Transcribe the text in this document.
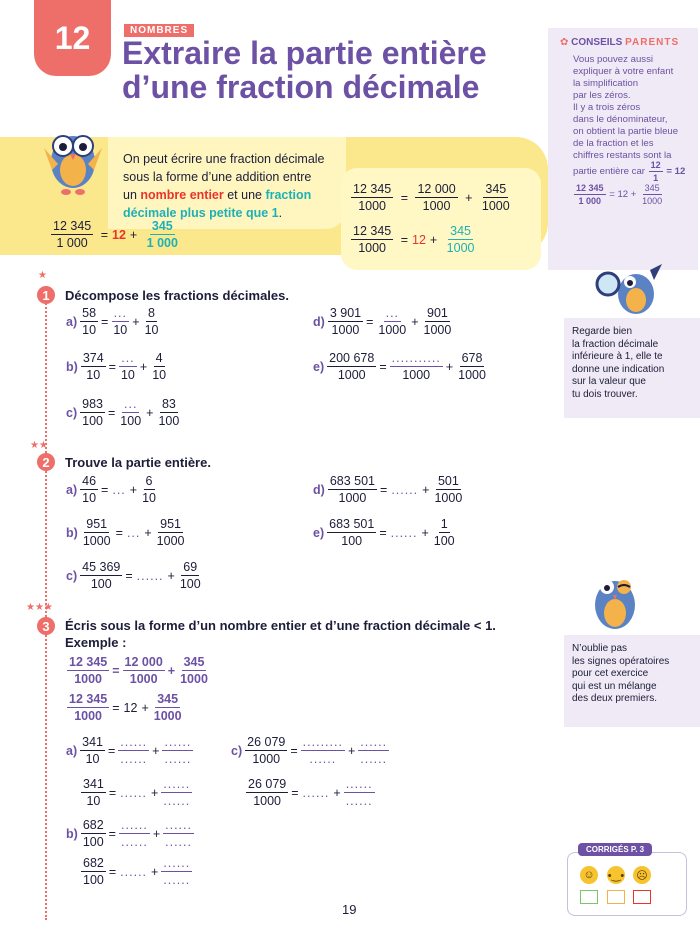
12	NOMBRES
Extraire la partie entière
d’une fraction décimale
✿ CONSEILS PARENTS
Vous pouvez aussi
expliquer à votre enfant
la simplification
par les zéros.
Il y a trois zéros
dans le dénominateur,
on obtient la partie bleue
de la fraction et les
chiffres restants sont la
partie entière car $\frac{12}{1} = 12$
$\frac{12 345}{1 000} = 12 + \frac{345}{1000}$
On peut écrire une fraction décimale
sous la forme d’une addition entre
un nombre entier et une fraction
décimale plus petite que 1.
$\frac{12 345}{1 000} = 12 + \frac{345}{1 000}$
$\frac{12 345}{1000} = \frac{12 000}{1000} + \frac{345}{1000}$
$\frac{12 345}{1000} = 12 + \frac{345}{1000}$
★
1	Décompose les fractions décimales.
$a) \frac{58}{10} = \frac{...}{10} + \frac{8}{10}$
$b) \frac{374}{10} = \frac{...}{10} + \frac{4}{10}$
$c) \frac{983}{100} = \frac{...}{100} + \frac{83}{100}$
$d) \frac{3 901}{1000} = \frac{...}{1000} + \frac{901}{1000}$
$e) \frac{200 678}{1000} = \frac{...........}{1000} + \frac{678}{1000}$
★★
2	Trouve la partie entière.
$a) \frac{46}{10}$ = ... + $\frac{6}{10}$
$b) \frac{951}{1000}$ = ... + $\frac{951}{1000}$
$c) \frac{45 369}{100}$ = ...... + $\frac{69}{100}$
$d) \frac{683 501}{1000}$ = ...... + $\frac{501}{1000}$
$e) \frac{683 501}{100}$ = ...... + $\frac{1}{100}$
★★★
3	Écris sous la forme d’un nombre entier et d’une fraction décimale < 1.
Exemple :
$\frac{12 345}{1000} = \frac{12 000}{1000} + \frac{345}{1000}$
$\frac{12 345}{1000} = 12 + \frac{345}{1000}$
$a) \frac{341}{10} = \frac{......}{......} + \frac{......}{......}$
$\frac{341}{10}$ = ...... + $\frac{......}{......}$
$b) \frac{682}{100} = \frac{......}{......} + \frac{......}{......}$
$\frac{682}{100}$ = ...... + $\frac{......}{......}$
$c) \frac{26 079}{1000} = \frac{.........}{......} + \frac{......}{......}$
$\frac{26 079}{1000}$ = ...... + $\frac{......}{......}$
Regarde bien
la fraction décimale
inférieure à 1, elle te
donne une indication
sur la valeur que
tu dois trouver.
N’oublie pas
les signes opératoires
pour cet exercice
qui est un mélange
des deux premiers.
CORRIGÉS P. 3
☺	•‿• ☹
19
